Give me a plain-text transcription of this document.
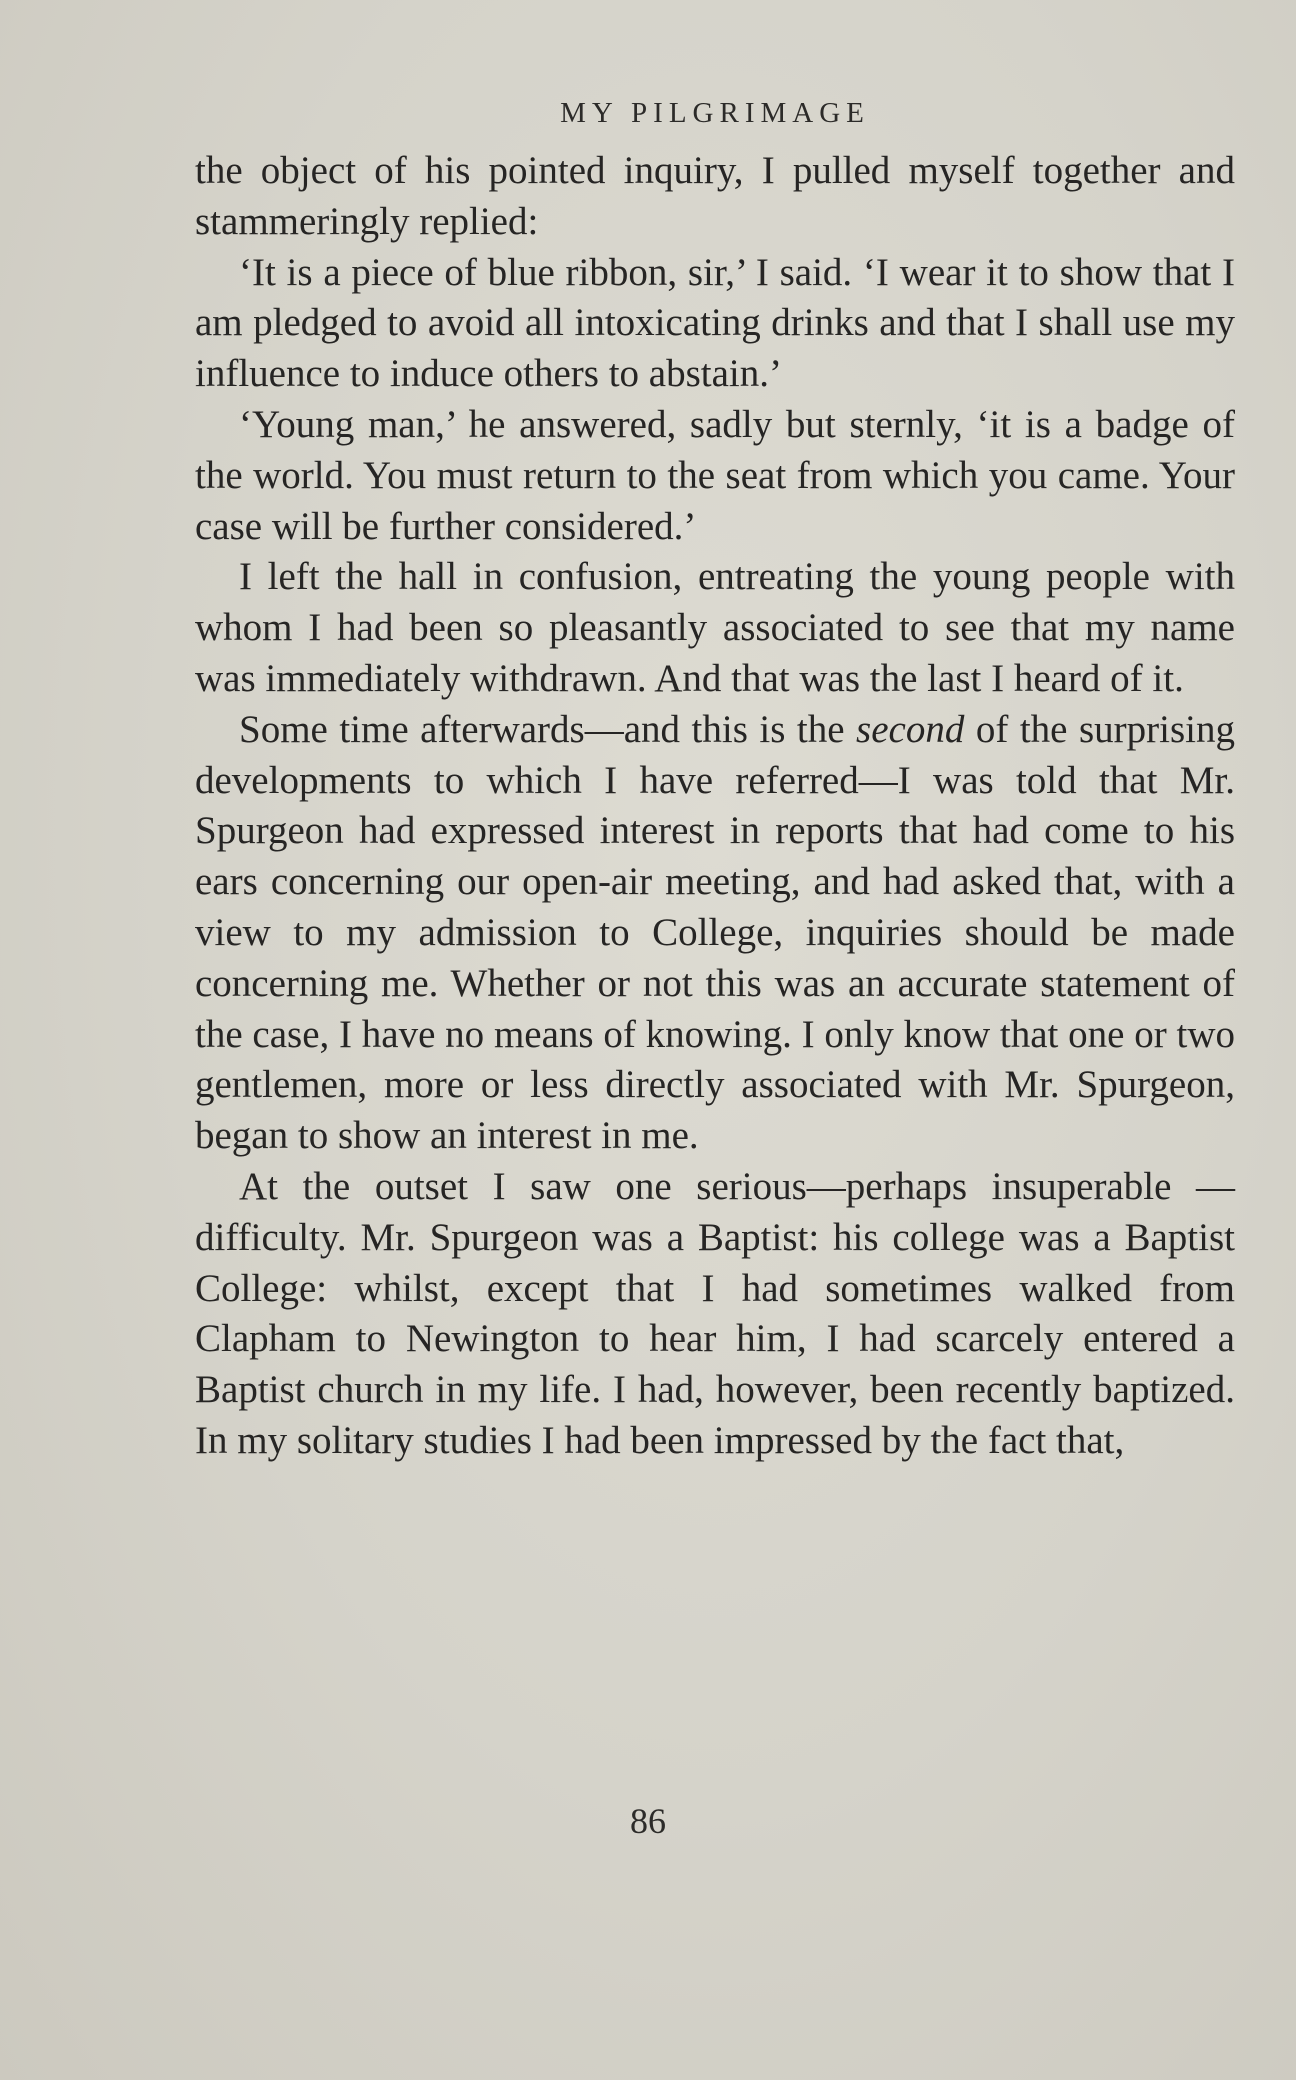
MY PILGRIMAGE

the object of his pointed inquiry, I pulled myself together and stammeringly replied:

‘It is a piece of blue ribbon, sir,’ I said. ‘I wear it to show that I am pledged to avoid all intoxicating drinks and that I shall use my influence to induce others to abstain.’

‘Young man,’ he answered, sadly but sternly, ‘it is a badge of the world. You must return to the seat from which you came. Your case will be further considered.’

I left the hall in confusion, entreating the young people with whom I had been so pleasantly associated to see that my name was immediately withdrawn. And that was the last I heard of it.

Some time afterwards—and this is the second of the surprising developments to which I have referred—I was told that Mr. Spurgeon had expressed interest in reports that had come to his ears concerning our open-air meeting, and had asked that, with a view to my admission to College, inquiries should be made concerning me. Whether or not this was an accurate statement of the case, I have no means of knowing. I only know that one or two gentlemen, more or less directly associated with Mr. Spurgeon, began to show an interest in me.

At the outset I saw one serious—perhaps insuperable —difficulty. Mr. Spurgeon was a Baptist: his college was a Baptist College: whilst, except that I had sometimes walked from Clapham to Newington to hear him, I had scarcely entered a Baptist church in my life. I had, however, been recently baptized. In my solitary studies I had been impressed by the fact that,

86
